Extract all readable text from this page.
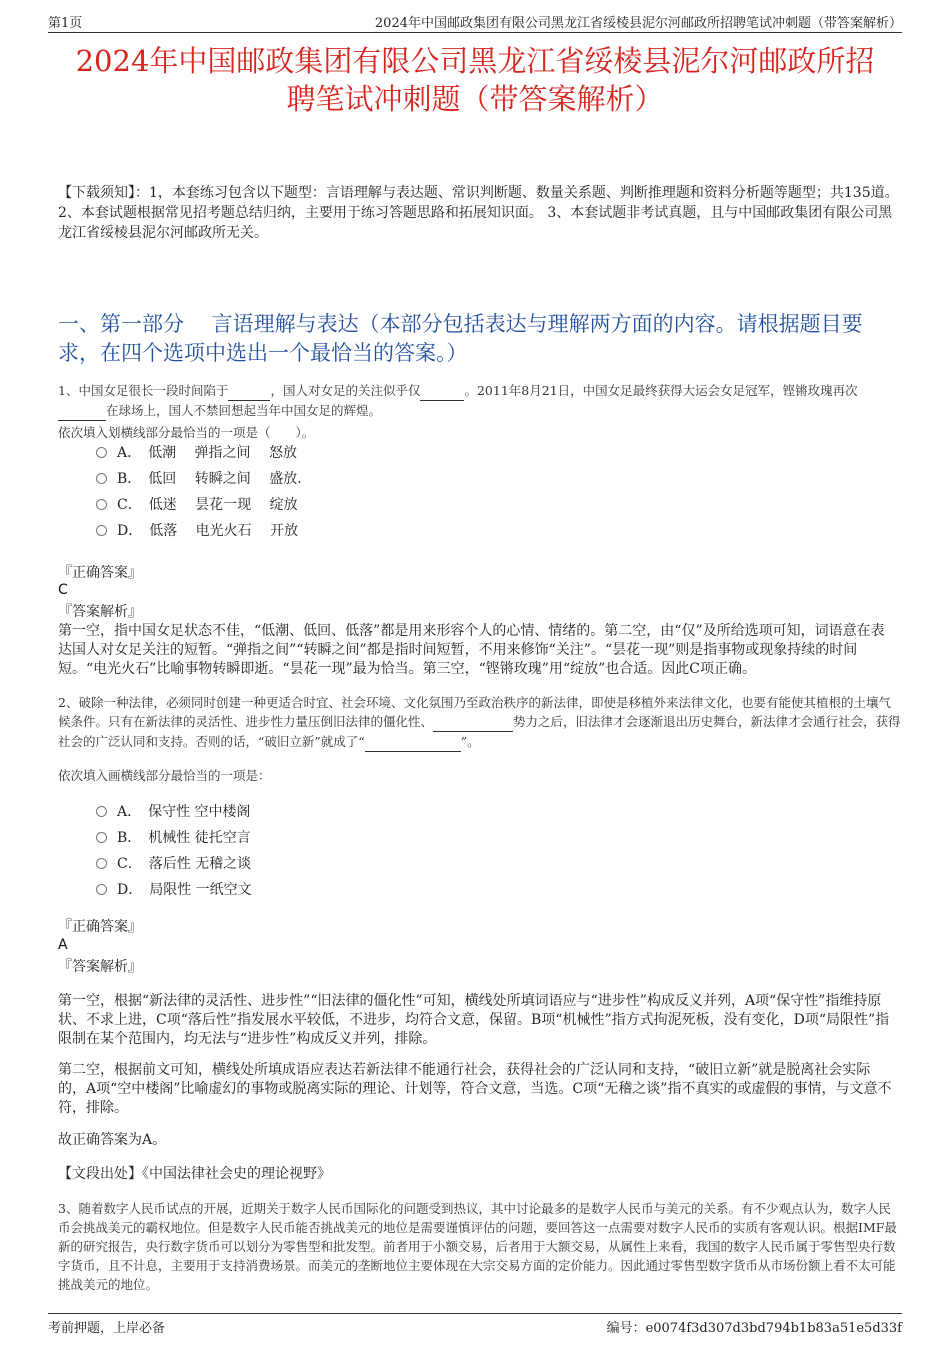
第1页	2024年中国邮政集团有限公司黑龙江省绥棱县泥尔河邮政所招聘笔试冲刺题（带答案解析）
2024年中国邮政集团有限公司黑龙江省绥棱县泥尔河邮政所招
聘笔试冲刺题（带答案解析）
【下载须知】：1，本套练习包含以下题型：言语理解与表达题、常识判断题、数量关系题、判断推理题和资料分析题等题型；共135道。 2、本套试题根据常见招考题总结归纳，主要用于练习答题思路和拓展知识面。 3、本套试题非考试真题，且与中国邮政集团有限公司黑龙江省绥棱县泥尔河邮政所无关。
一、第一部分　 言语理解与表达（本部分包括表达与理解两方面的内容。请根据题目要求，在四个选项中选出一个最恰当的答案。）
1、中国女足很长一段时间陷于	，国人对女足的关注似乎仅	。2011年8月21日，中国女足最终获得大运会女足冠军，铿锵玫瑰再次 在球场上，国人不禁回想起当年中国女足的辉煌。
依次填入划横线部分最恰当的一项是（　　）。
A．　低潮　 弹指之间　 怒放
B．　低回　 转瞬之间　 盛放.
C．　低迷　 昙花一现　 绽放
D．　低落　 电光火石　 开放
『正确答案』
C
『答案解析』
第一空，指中国女足状态不佳，“低潮、低回、低落”都是用来形容个人的心情、情绪的。第二空，由“仅”及所给选项可知，词语意在表达国人对女足关注的短暂。“弹指之间”“转瞬之间”都是指时间短暂，不用来修饰“关注”。“昙花一现”则是指事物或现象持续的时间短。“电光火石”比喻事物转瞬即逝。“昙花一现”最为恰当。第三空，“铿锵玫瑰”用“绽放”也合适。因此C项正确。
2、破除一种法律，必须同时创建一种更适合时宜、社会环境、文化氛围乃至政治秩序的新法律，即使是移植外来法律文化，也要有能使其植根的土壤气候条件。只有在新法律的灵活性、进步性力量压倒旧法律的僵化性、	势力之后，旧法律才会逐渐退出历史舞台，新法律才会通行社会，获得社会的广泛认同和支持。否则的话，“破旧立新”就成了“	”。
依次填入画横线部分最恰当的一项是：
A．　保守性 空中楼阁
B．　机械性 徒托空言
C．　落后性 无稽之谈
D．　局限性 一纸空文
『正确答案』
A
『答案解析』
第一空，根据“新法律的灵活性、进步性”“旧法律的僵化性”可知，横线处所填词语应与“进步性”构成反义并列，A项“保守性”指维持原状、不求上进，C项“落后性”指发展水平较低，不进步，均符合文意，保留。B项“机械性”指方式拘泥死板，没有变化，D项“局限性”指限制在某个范围内，均无法与“进步性”构成反义并列，排除。
第二空，根据前文可知，横线处所填成语应表达若新法律不能通行社会，获得社会的广泛认同和支持，“破旧立新”就是脱离社会实际的，A项“空中楼阁”比喻虚幻的事物或脱离实际的理论、计划等，符合文意，当选。C项“无稽之谈”指不真实的或虚假的事情，与文意不符，排除。
故正确答案为A。
【文段出处】《中国法律社会史的理论视野》
3、随着数字人民币试点的开展，近期关于数字人民币国际化的问题受到热议，其中讨论最多的是数字人民币与美元的关系。有不少观点认为，数字人民币会挑战美元的霸权地位。但是数字人民币能否挑战美元的地位是需要谨慎评估的问题，要回答这一点需要对数字人民币的实质有客观认识。根据IMF最新的研究报告，央行数字货币可以划分为零售型和批发型。前者用于小额交易，后者用于大额交易，从属性上来看，我国的数字人民币属于零售型央行数字货币，且不计息，主要用于支持消费场景。而美元的垄断地位主要体现在大宗交易方面的定价能力。因此通过零售型数字货币从市场份额上看不太可能挑战美元的地位。
考前押题，上岸必备	编号：e0074f3d307d3bd794b1b83a51e5d33f
